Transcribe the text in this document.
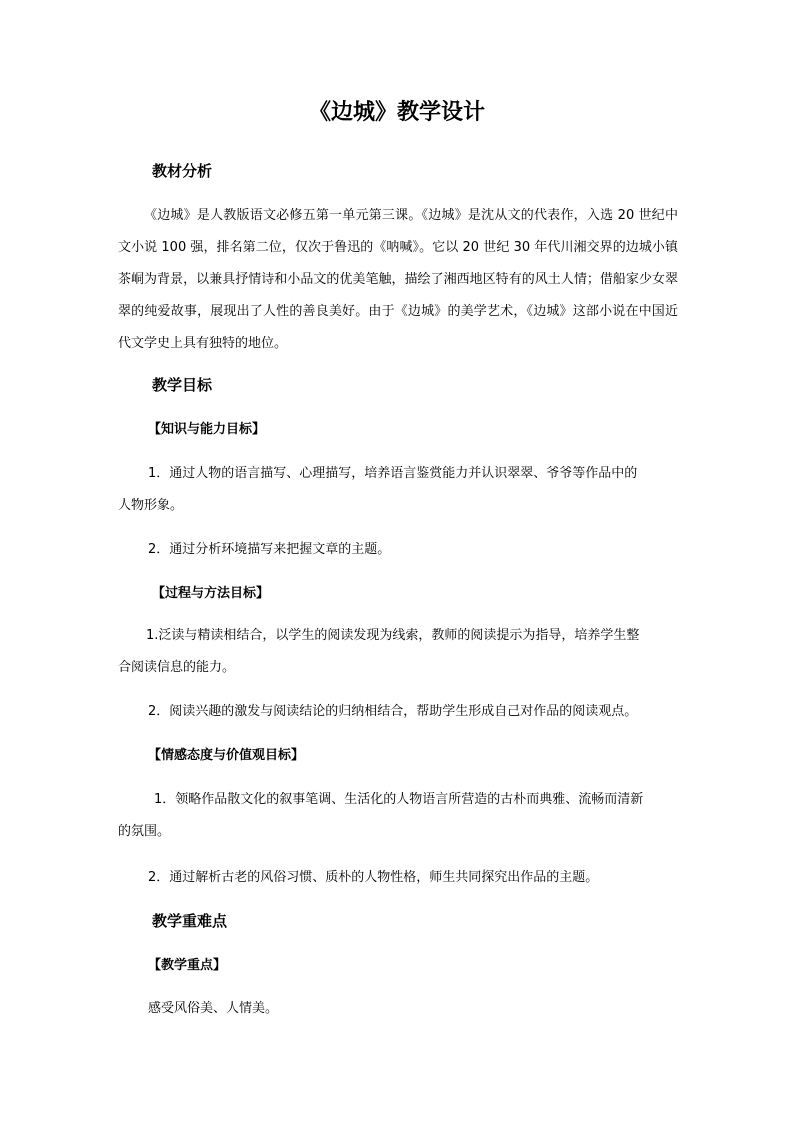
《边城》教学设计
教材分析
《边城》是人教版语文必修五第一单元第三课。《边城》是沈从文的代表作，入选 20 世纪中文小说 100 强，排名第二位，仅次于鲁迅的《呐喊》。它以 20 世纪 30 年代川湘交界的边城小镇茶峒为背景，以兼具抒情诗和小品文的优美笔触，描绘了湘西地区特有的风土人情；借船家少女翠翠的纯爱故事，展现出了人性的善良美好。由于《边城》的美学艺术，《边城》这部小说在中国近代文学史上具有独特的地位。
教学目标
【知识与能力目标】
1．通过人物的语言描写、心理描写，培养语言鉴赏能力并认识翠翠、爷爷等作品中的
人物形象。
2．通过分析环境描写来把握文章的主题。
【过程与方法目标】
1.泛读与精读相结合，以学生的阅读发现为线索，教师的阅读提示为指导，培养学生整
合阅读信息的能力。
2．阅读兴趣的激发与阅读结论的归纳相结合，帮助学生形成自己对作品的阅读观点。
【情感态度与价值观目标】
1．领略作品散文化的叙事笔调、生活化的人物语言所营造的古朴而典雅、流畅而清新
的氛围。
2．通过解析古老的风俗习惯、质朴的人物性格，师生共同探究出作品的主题。
教学重难点
【教学重点】
感受风俗美、人情美。
